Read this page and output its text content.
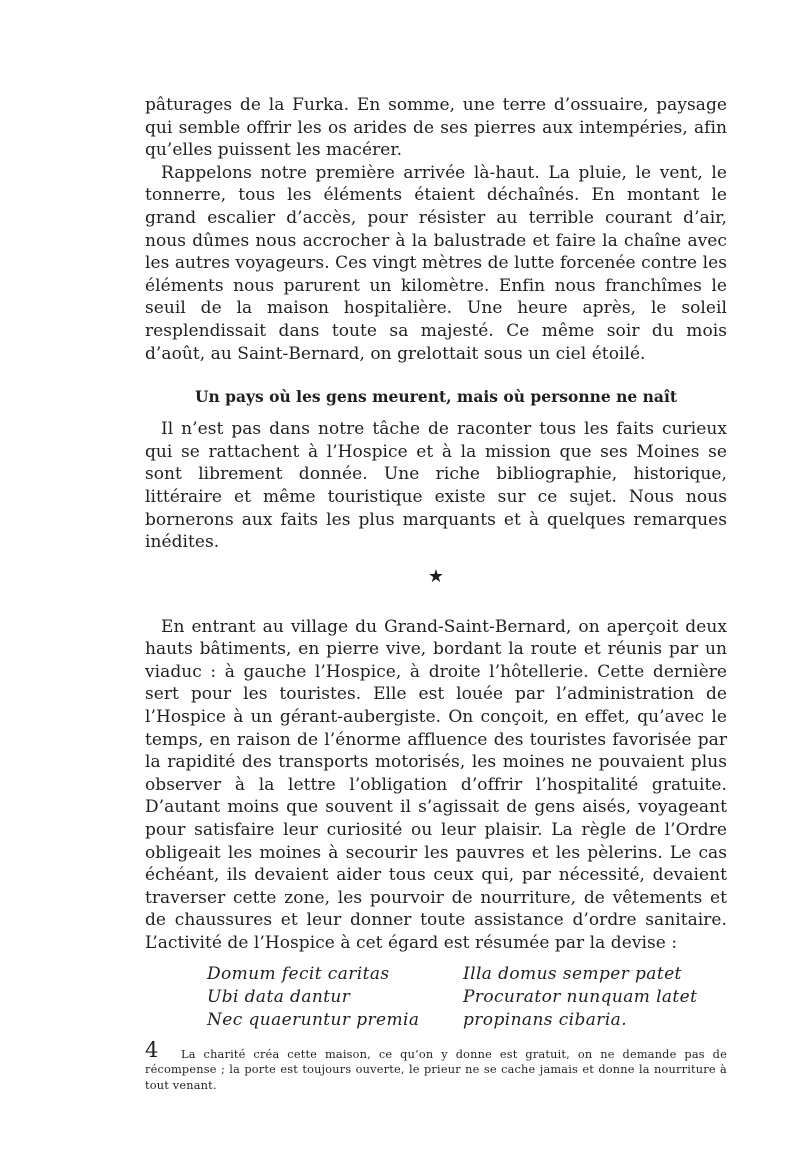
pâturages de la Furka. En somme, une terre d’ossuaire, paysage qui semble offrir les os arides de ses pierres aux intempéries, afin qu’elles puissent les macérer.

Rappelons notre première arrivée là-haut. La pluie, le vent, le tonnerre, tous les éléments étaient déchaînés. En montant le grand escalier d’accès, pour résister au terrible courant d’air, nous dûmes nous accrocher à la balustrade et faire la chaîne avec les autres voyageurs. Ces vingt mètres de lutte forcenée contre les éléments nous parurent un kilomètre. Enfin nous franchîmes le seuil de la maison hospitalière. Une heure après, le soleil resplendissait dans toute sa majesté. Ce même soir du mois d’août, au Saint-Bernard, on grelottait sous un ciel étoilé.

Un pays où les gens meurent, mais où personne ne naît

Il n’est pas dans notre tâche de raconter tous les faits curieux qui se rattachent à l’Hospice et à la mission que ses Moines se sont librement donnée. Une riche bibliographie, historique, littéraire et même touristique existe sur ce sujet. Nous nous bornerons aux faits les plus marquants et à quelques remarques inédites.

★

En entrant au village du Grand-Saint-Bernard, on aperçoit deux hauts bâtiments, en pierre vive, bordant la route et réunis par un viaduc : à gauche l’Hospice, à droite l’hôtellerie. Cette dernière sert pour les touristes. Elle est louée par l’administration de l’Hospice à un gérant-aubergiste. On conçoit, en effet, qu’avec le temps, en raison de l’énorme affluence des touristes favorisée par la rapidité des transports motorisés, les moines ne pouvaient plus observer à la lettre l’obligation d’offrir l’hospitalité gratuite. D’autant moins que souvent il s’agissait de gens aisés, voyageant pour satisfaire leur curiosité ou leur plaisir. La règle de l’Ordre obligeait les moines à secourir les pauvres et les pèlerins. Le cas échéant, ils devaient aider tous ceux qui, par nécessité, devaient traverser cette zone, les pourvoir de nourriture, de vêtements et de chaussures et leur donner toute assistance d’ordre sanitaire. L’activité de l’Hospice à cet égard est résumée par la devise :

Domum fecit caritas	Illa domus semper patet
Ubi data dantur	Procurator nunquam latet
Nec quaeruntur premia	propinans cibaria.

La charité créa cette maison, ce qu’on y donne est gratuit, on ne demande pas de récompense ; la porte est toujours ouverte, le prieur ne se cache jamais et donne la nourriture à tout venant.

4
